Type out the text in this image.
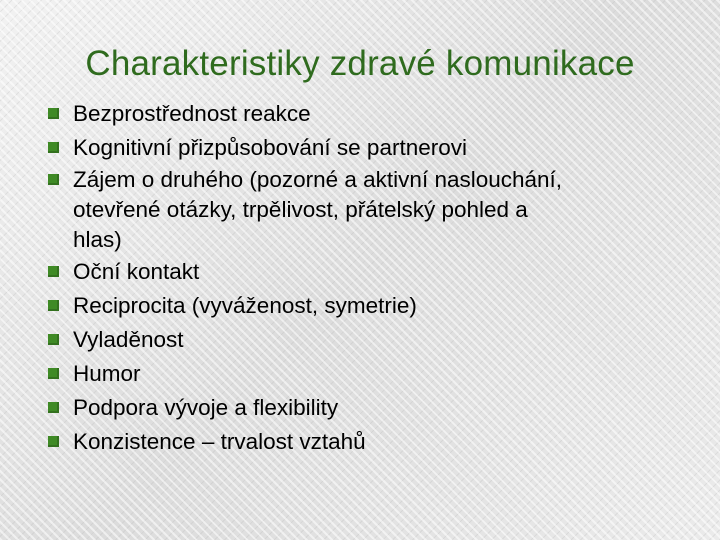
Charakteristiky zdravé komunikace
Bezprostřednost reakce
Kognitivní přizpůsobování se partnerovi
Zájem o druhého (pozorné a aktivní naslouchání,
otevřené otázky, trpělivost, přátelský pohled a
hlas)
Oční kontakt
Reciprocita (vyváženost, symetrie)
Vyladěnost
Humor
Podpora vývoje a flexibility
Konzistence – trvalost vztahů
